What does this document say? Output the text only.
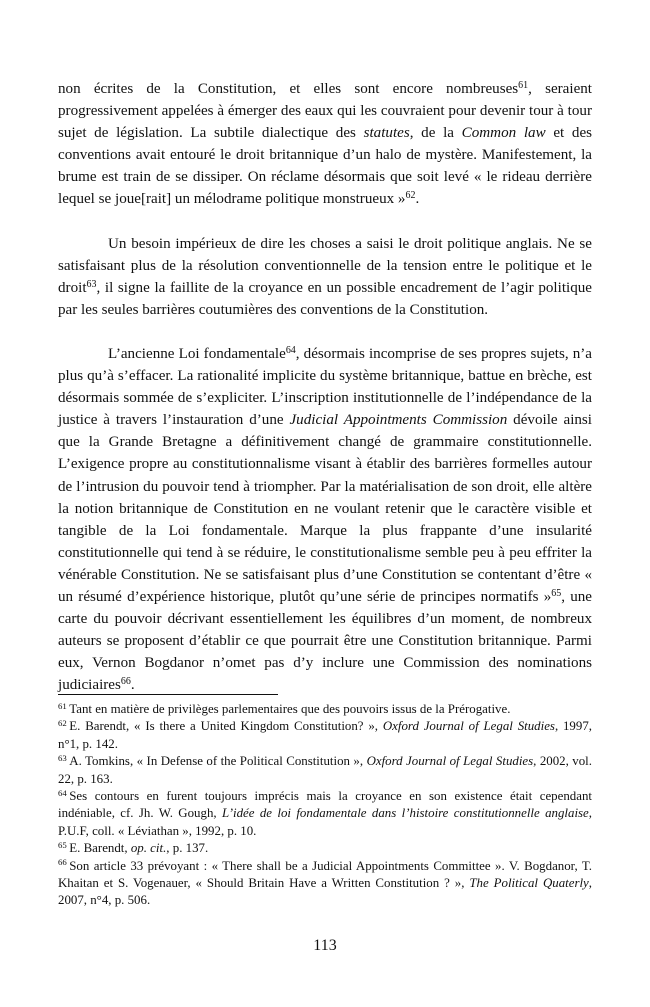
non écrites de la Constitution, et elles sont encore nombreuses$^{61}$, seraient progressivement appelées à émerger des eaux qui les couvraient pour devenir tour à tour sujet de législation. La subtile dialectique des statutes, de la Common law et des conventions avait entouré le droit britannique d’un halo de mystère. Manifestement, la brume est train de se dissiper. On réclame désormais que soit levé « le rideau derrière lequel se joue[rait] un mélodrame politique monstrueux »$^{62}$.

Un besoin impérieux de dire les choses a saisi le droit politique anglais. Ne se satisfaisant plus de la résolution conventionnelle de la tension entre le politique et le droit$^{63}$, il signe la faillite de la croyance en un possible encadrement de l’agir politique par les seules barrières coutumières des conventions de la Constitution.

L’ancienne Loi fondamentale$^{64}$, désormais incomprise de ses propres sujets, n’a plus qu’à s’effacer. La rationalité implicite du système britannique, battue en brèche, est désormais sommée de s’expliciter. L’inscription institutionnelle de l’indépendance de la justice à travers l’instauration d’une Judicial Appointments Commission dévoile ainsi que la Grande Bretagne a définitivement changé de grammaire constitutionnelle. L’exigence propre au constitutionnalisme visant à établir des barrières formelles autour de l’intrusion du pouvoir tend à triompher. Par la matérialisation de son droit, elle altère la notion britannique de Constitution en ne voulant retenir que le caractère visible et tangible de la Loi fondamentale. Marque la plus frappante d’une insularité constitutionnelle qui tend à se réduire, le constitutionalisme semble peu à peu effriter la vénérable Constitution. Ne se satisfaisant plus d’une Constitution se contentant d’être « un résumé d’expérience historique, plutôt qu’une série de principes normatifs »$^{65}$, une carte du pouvoir décrivant essentiellement les équilibres d’un moment, de nombreux auteurs se proposent d’établir ce que pourrait être une Constitution britannique. Parmi eux, Vernon Bogdanor n’omet pas d’y inclure une Commission des nominations judiciaires$^{66}$.

$^{61}$ Tant en matière de privilèges parlementaires que des pouvoirs issus de la Prérogative.

$^{62}$ E. Barendt, « Is there a United Kingdom Constitution? », Oxford Journal of Legal Studies, 1997, n°1, p. 142.

$^{63}$ A. Tomkins, « In Defense of the Political Constitution », Oxford Journal of Legal Studies, 2002, vol. 22, p. 163.

$^{64}$ Ses contours en furent toujours imprécis mais la croyance en son existence était cependant indéniable, cf. Jh. W. Gough, L’idée de loi fondamentale dans l’histoire constitutionnelle anglaise, P.U.F, coll. « Léviathan », 1992, p. 10.

$^{65}$ E. Barendt, op. cit., p. 137.

$^{66}$ Son article 33 prévoyant : « There shall be a Judicial Appointments Committee ». V. Bogdanor, T. Khaitan et S. Vogenauer, « Should Britain Have a Written Constitution ? », The Political Quaterly, 2007, n°4, p. 506.

113
